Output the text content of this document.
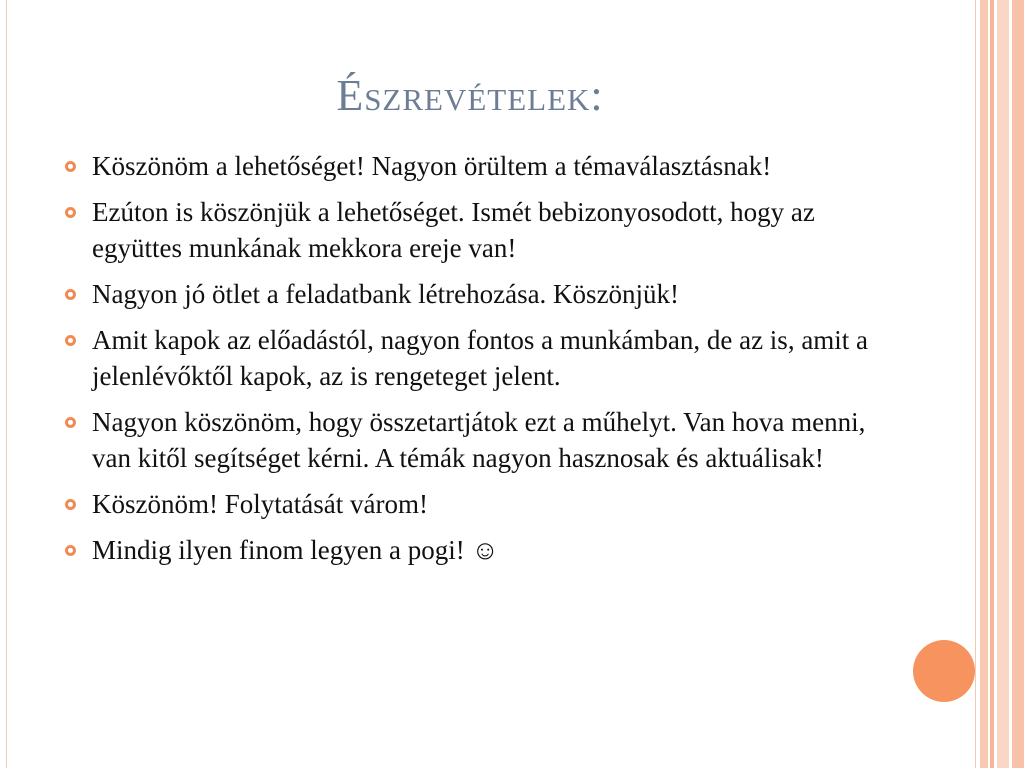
Észrevételek:
Köszönöm a lehetőséget! Nagyon örültem a témaválasztásnak!
Ezúton is köszönjük a lehetőséget. Ismét bebizonyosodott, hogy az együttes munkának mekkora ereje van!
Nagyon jó ötlet a feladatbank létrehozása. Köszönjük!
Amit kapok az előadástól, nagyon fontos a munkámban, de az is, amit a jelenlévőktől kapok, az is rengeteget jelent.
Nagyon köszönöm, hogy összetartjátok ezt a műhelyt. Van hova menni, van kitől segítséget kérni. A témák nagyon hasznosak és aktuálisak!
Köszönöm! Folytatását várom!
Mindig ilyen finom legyen a pogi! ☺
